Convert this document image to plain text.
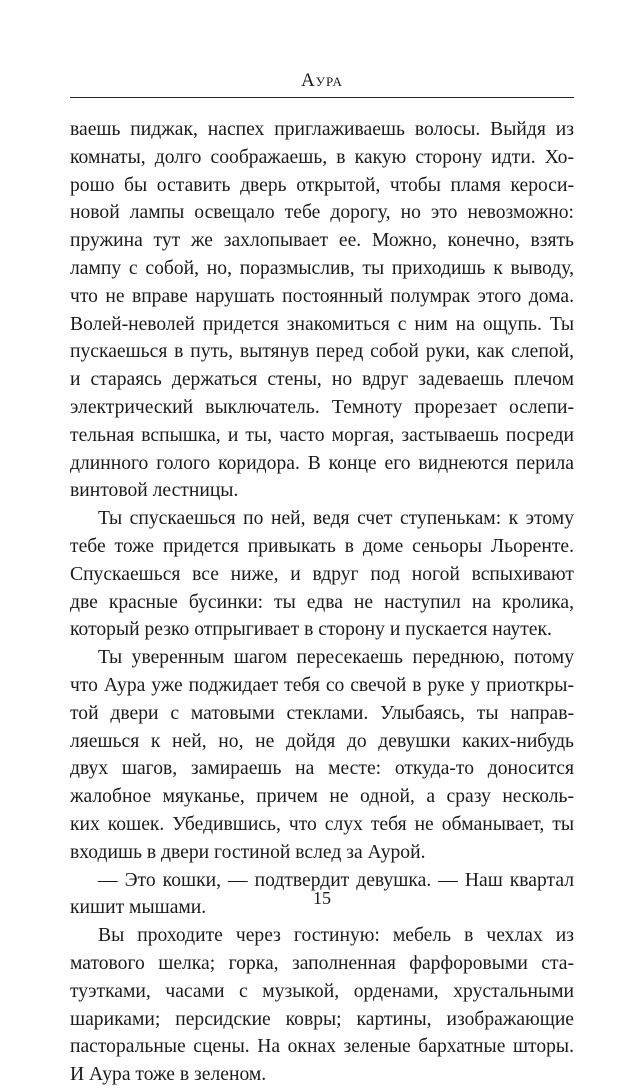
Аура
ваешь пиджак, наспех приглаживаешь волосы. Выйдя из
комнаты, долго соображаешь, в какую сторону идти. Хо-
рошо бы оставить дверь открытой, чтобы пламя кероси-
новой лампы освещало тебе дорогу, но это невозможно:
пружина тут же захлопывает ее. Можно, конечно, взять
лампу с собой, но, поразмыслив, ты приходишь к выводу,
что не вправе нарушать постоянный полумрак этого дома.
Волей-неволей придется знакомиться с ним на ощупь. Ты
пускаешься в путь, вытянув перед собой руки, как слепой,
и стараясь держаться стены, но вдруг задеваешь плечом
электрический выключатель. Темноту прорезает ослепи-
тельная вспышка, и ты, часто моргая, застываешь посреди
длинного голого коридора. В конце его виднеются перила
винтовой лестницы.
Ты спускаешься по ней, ведя счет ступенькам: к этому
тебе тоже придется привыкать в доме сеньоры Льоренте.
Спускаешься все ниже, и вдруг под ногой вспыхивают
две красные бусинки: ты едва не наступил на кролика,
который резко отпрыгивает в сторону и пускается наутек.
Ты уверенным шагом пересекаешь переднюю, потому
что Аура уже поджидает тебя со свечой в руке у приоткры-
той двери с матовыми стеклами. Улыбаясь, ты направ-
ляешься к ней, но, не дойдя до девушки каких-нибудь
двух шагов, замираешь на месте: откуда-то доносится
жалобное мяуканье, причем не одной, а сразу несколь-
ких кошек. Убедившись, что слух тебя не обманывает, ты
входишь в двери гостиной вслед за Аурой.
— Это кошки, — подтвердит девушка. — Наш квартал
кишит мышами.
Вы проходите через гостиную: мебель в чехлах из
матового шелка; горка, заполненная фарфоровыми ста-
туэтками, часами с музыкой, орденами, хрустальными
шариками; персидские ковры; картины, изображающие
пасторальные сцены. На окнах зеленые бархатные шторы.
И Аура тоже в зеленом.
15
